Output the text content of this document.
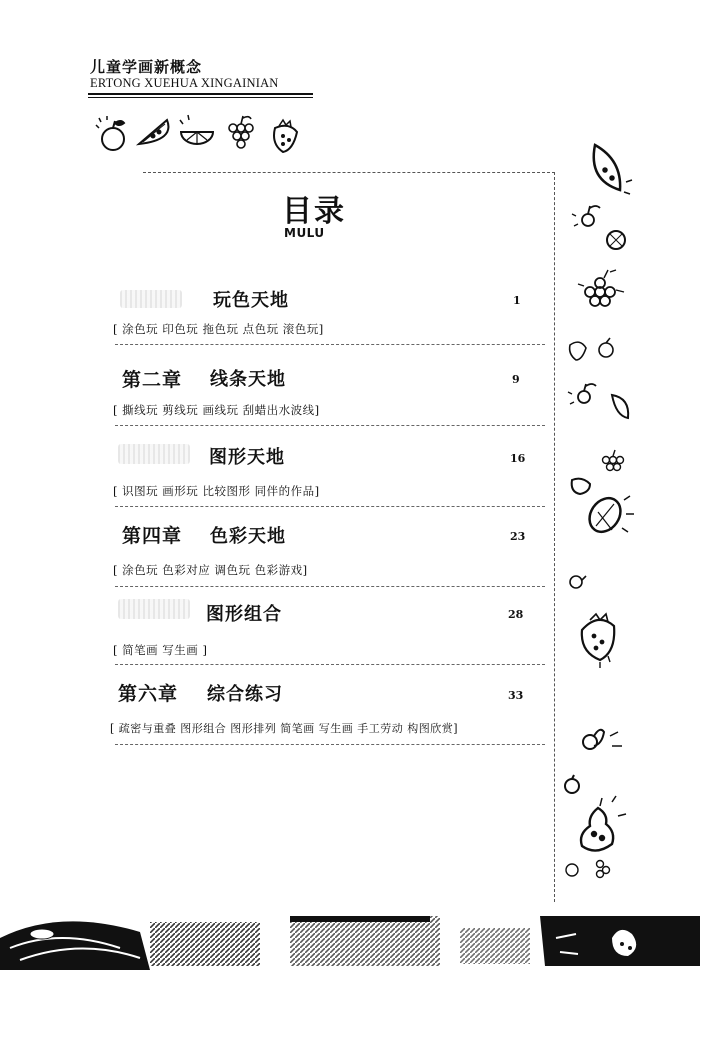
儿童学画新概念
ERTONG XUEHUA XINGAINIAN
目录
MULU
玩色天地	1
[ 涂色玩 印色玩 拖色玩 点色玩 滚色玩]
第二章 线条天地	9
[ 撕线玩 剪线玩 画线玩 刮蜡出水波线]
图形天地	16
[ 识图玩 画形玩 比较图形 同伴的作品]
第四章 色彩天地	23
[ 涂色玩 色彩对应 调色玩 色彩游戏]
图形组合	28
[ 简笔画 写生画 ]
第六章 综合练习	33
[ 疏密与重叠 图形组合 图形排列 简笔画 写生画 手工劳动 构图欣赏]
